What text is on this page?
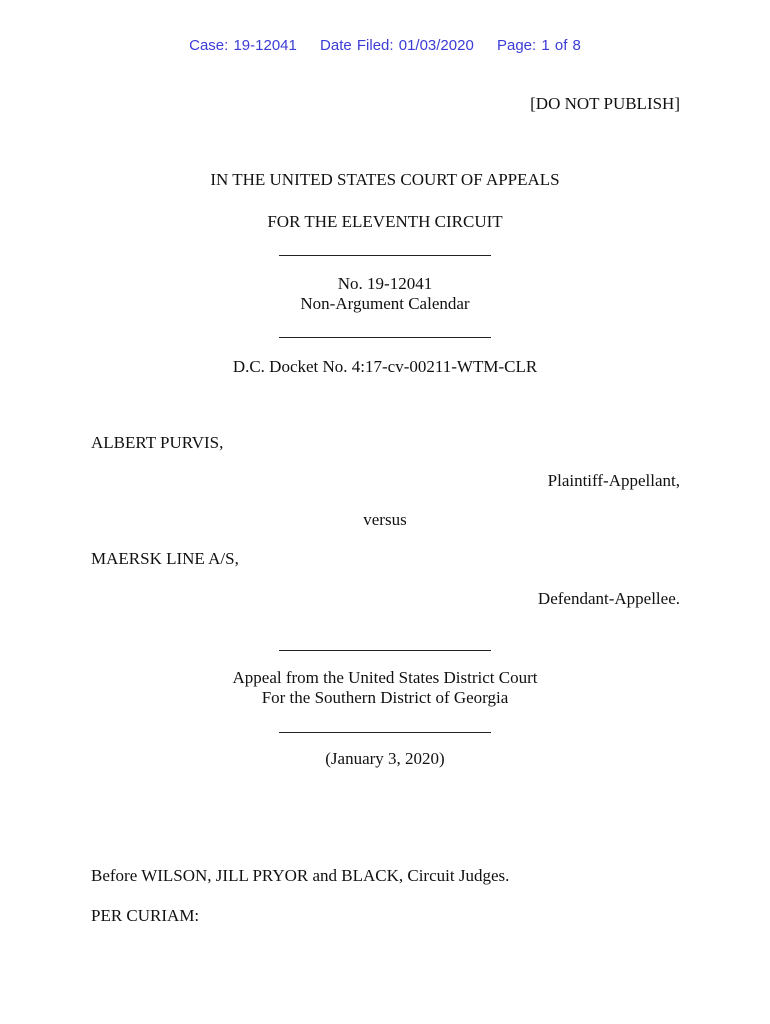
Case: 19-12041 Date Filed: 01/03/2020 Page: 1 of 8
[DO NOT PUBLISH]
IN THE UNITED STATES COURT OF APPEALS
FOR THE ELEVENTH CIRCUIT
No. 19-12041
Non-Argument Calendar
D.C. Docket No. 4:17-cv-00211-WTM-CLR
ALBERT PURVIS,
Plaintiff-Appellant,
versus
MAERSK LINE A/S,
Defendant-Appellee.
Appeal from the United States District Court
For the Southern District of Georgia
(January 3, 2020)
Before WILSON, JILL PRYOR and BLACK, Circuit Judges.
PER CURIAM:
